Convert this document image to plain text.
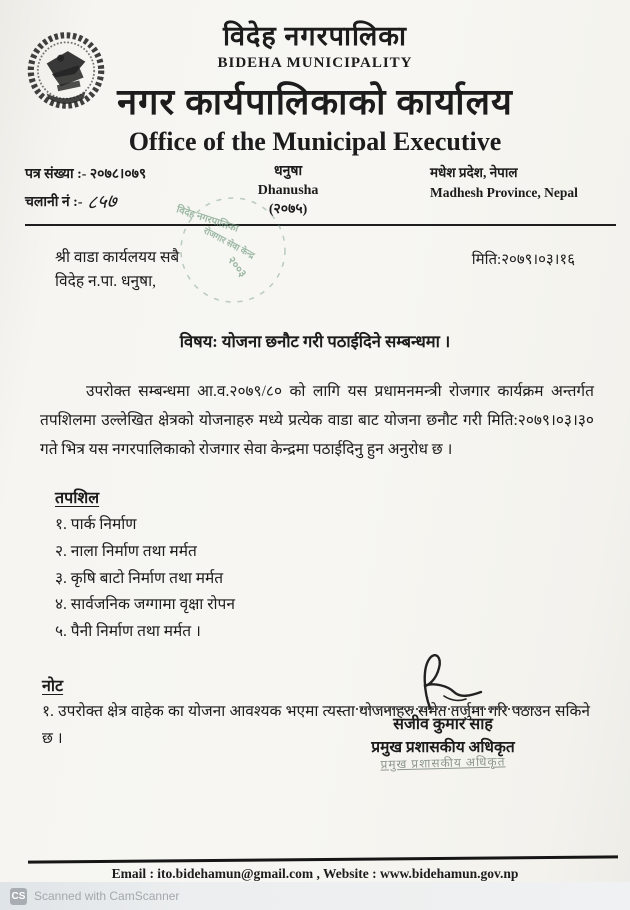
विदेह नगरपालिका
BIDEHA MUNICIPALITY
नगर कार्यपालिकाको कार्यालय
Office of the Municipal Executive
पत्र संख्या :- २०७८।०७९
चलानी नं :- ८५७
विदेह नगरपालिका
रोजगार सेवा केन्द्र
२००३
धनुषा
Dhanusha
(२०७५)
मधेश प्रदेश, नेपाल
Madhesh Province, Nepal
श्री वाडा कार्यलयय सबै
विदेह न.पा. धनुषा,
मिति:२०७९।०३।१६
विषय: योजना छनौट गरी पठाईदिने सम्बन्धमा ।

उपरोक्त सम्बन्धमा आ.व.२०७९/८० को लागि यस प्रधामनमन्त्री रोजगार कार्यक्रम अन्तर्गत तपशिलमा उल्लेखित क्षेत्रको योजनाहरु मध्ये प्रत्येक वाडा बाट योजना छनौट गरी मिति:२०७९।०३।३० गते भित्र यस नगरपालिकाको रोजगार सेवा केन्द्रमा पठाईदिनु हुन अनुरोध छ ।

तपशिल
१. पार्क निर्माण
२. नाला निर्माण तथा मर्मत
३. कृषि बाटो निर्माण तथा मर्मत
४. सार्वजनिक जग्गामा वृक्षा रोपन
५. पैनी निर्माण तथा मर्मत ।
नोट

१. उपरोक्त क्षेत्र वाहेक का योजना आवश्यक भएमा त्यस्ता योजनाहरु समेत तर्जुमा गरि पठाउन सकिने छ ।

सजीव कुमार साह
प्रमुख प्रशासकीय अधिकृत
प्रमुख प्रशासकीय अधिकृत
Email : ito.bidehamun@gmail.com , Website : www.bidehamun.gov.np
CS Scanned with CamScanner
